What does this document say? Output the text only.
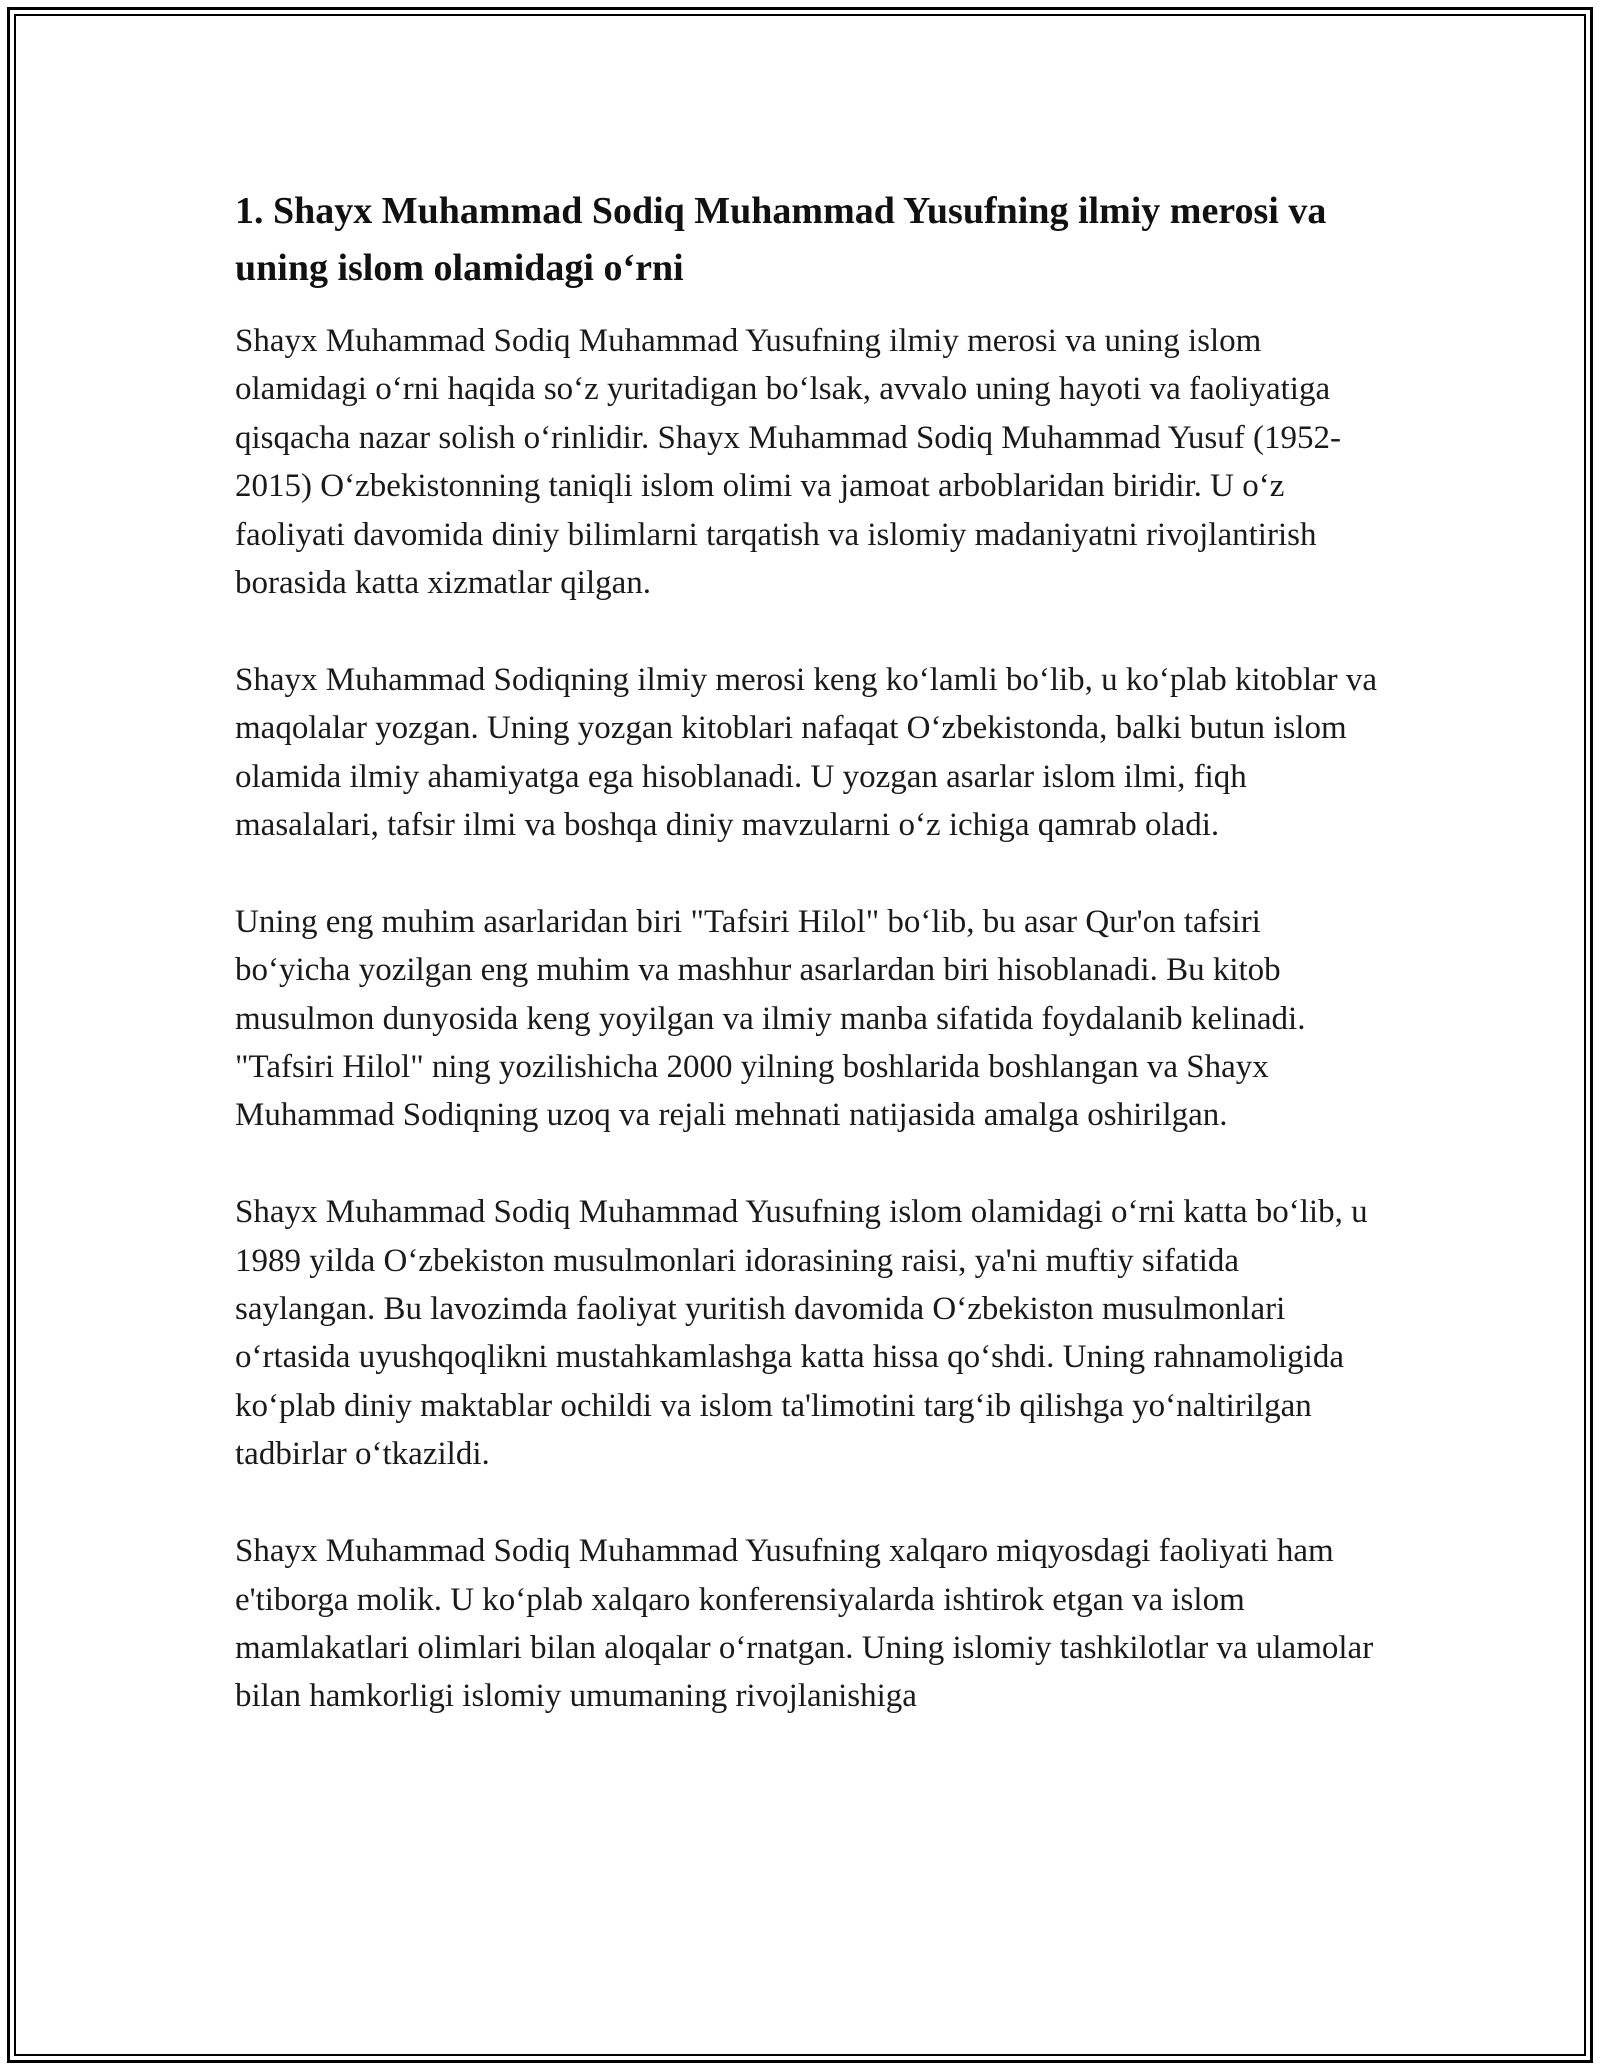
1. Shayx Muhammad Sodiq Muhammad Yusufning ilmiy merosi va uning islom olamidagi o‘rni

Shayx Muhammad Sodiq Muhammad Yusufning ilmiy merosi va uning islom olamidagi o‘rni haqida so‘z yuritadigan bo‘lsak, avvalo uning hayoti va faoliyatiga qisqacha nazar solish o‘rinlidir. Shayx Muhammad Sodiq Muhammad Yusuf (1952-2015) O‘zbekistonning taniqli islom olimi va jamoat arboblaridan biridir. U o‘z faoliyati davomida diniy bilimlarni tarqatish va islomiy madaniyatni rivojlantirish borasida katta xizmatlar qilgan.

Shayx Muhammad Sodiqning ilmiy merosi keng ko‘lamli bo‘lib, u ko‘plab kitoblar va maqolalar yozgan. Uning yozgan kitoblari nafaqat O‘zbekistonda, balki butun islom olamida ilmiy ahamiyatga ega hisoblanadi. U yozgan asarlar islom ilmi, fiqh masalalari, tafsir ilmi va boshqa diniy mavzularni o‘z ichiga qamrab oladi.

Uning eng muhim asarlaridan biri "Tafsiri Hilol" bo‘lib, bu asar Qur'on tafsiri bo‘yicha yozilgan eng muhim va mashhur asarlardan biri hisoblanadi. Bu kitob musulmon dunyosida keng yoyilgan va ilmiy manba sifatida foydalanib kelinadi. "Tafsiri Hilol" ning yozilishicha 2000 yilning boshlarida boshlangan va Shayx Muhammad Sodiqning uzoq va rejali mehnati natijasida amalga oshirilgan.

Shayx Muhammad Sodiq Muhammad Yusufning islom olamidagi o‘rni katta bo‘lib, u 1989 yilda O‘zbekiston musulmonlari idorasining raisi, ya'ni muftiy sifatida saylangan. Bu lavozimda faoliyat yuritish davomida O‘zbekiston musulmonlari o‘rtasida uyushqoqlikni mustahkamlashga katta hissa qo‘shdi. Uning rahnamoligida ko‘plab diniy maktablar ochildi va islom ta'limotini targ‘ib qilishga yo‘naltirilgan tadbirlar o‘tkazildi.

Shayx Muhammad Sodiq Muhammad Yusufning xalqaro miqyosdagi faoliyati ham e'tiborga molik. U ko‘plab xalqaro konferensiyalarda ishtirok etgan va islom mamlakatlari olimlari bilan aloqalar o‘rnatgan. Uning islomiy tashkilotlar va ulamolar bilan hamkorligi islomiy umumaning rivojlanishiga
